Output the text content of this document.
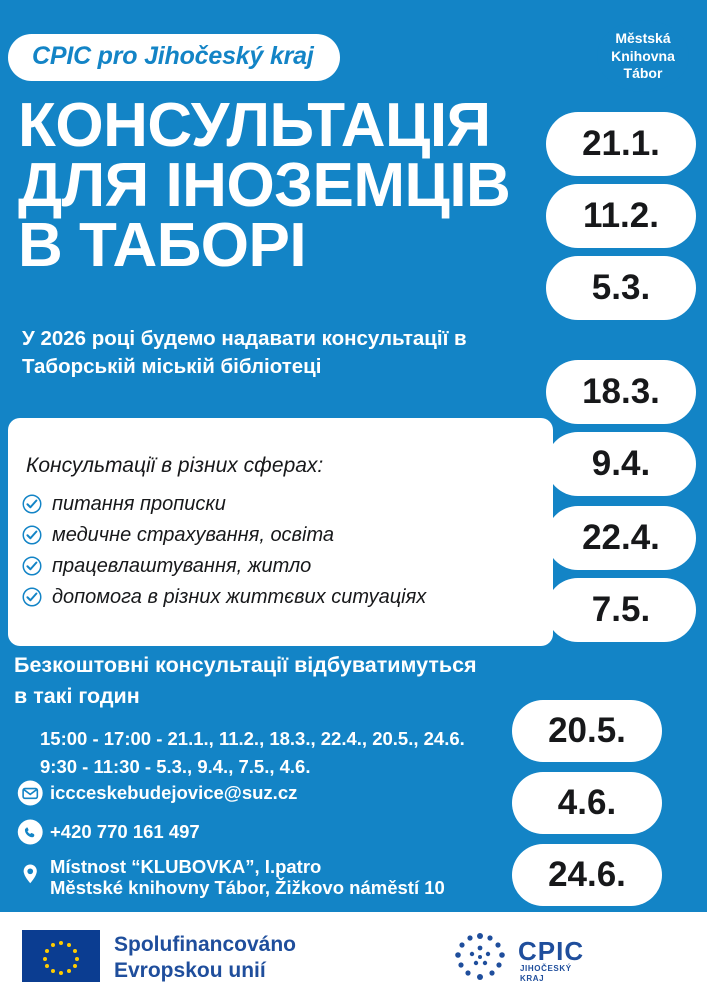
CPIC pro Jihočeský kraj
Městská
Knihovna
Tábor
КОНСУЛЬТАЦІЯ
ДЛЯ ІНОЗЕМЦІВ
В ТАБОРІ
У 2026 році будемо надавати консультації в
Таборській міській бібліотеці
Консультації в різних сферах:
питання прописки
медичне страхування, освіта
працевлаштування, житло
допомога в різних життєвих ситуаціях
21.1.
11.2.
5.3.
18.3.
9.4.
22.4.
7.5.
20.5.
4.6.
24.6.
Безкоштовні консультації відбуватимуться
в такі годин
15:00 - 17:00 - 21.1., 11.2., 18.3., 22.4., 20.5., 24.6.
9:30 - 11:30 - 5.3., 9.4., 7.5., 4.6.
iccceskebudejovice@suz.cz
+420 770 161 497
Místnost “KLUBOVKA”, I.patro
Městské knihovny Tábor, Žižkovo náměstí 10
Spolufinancováno
Evropskou unií
CPIC
JIHOČESKÝ
KRAJ
